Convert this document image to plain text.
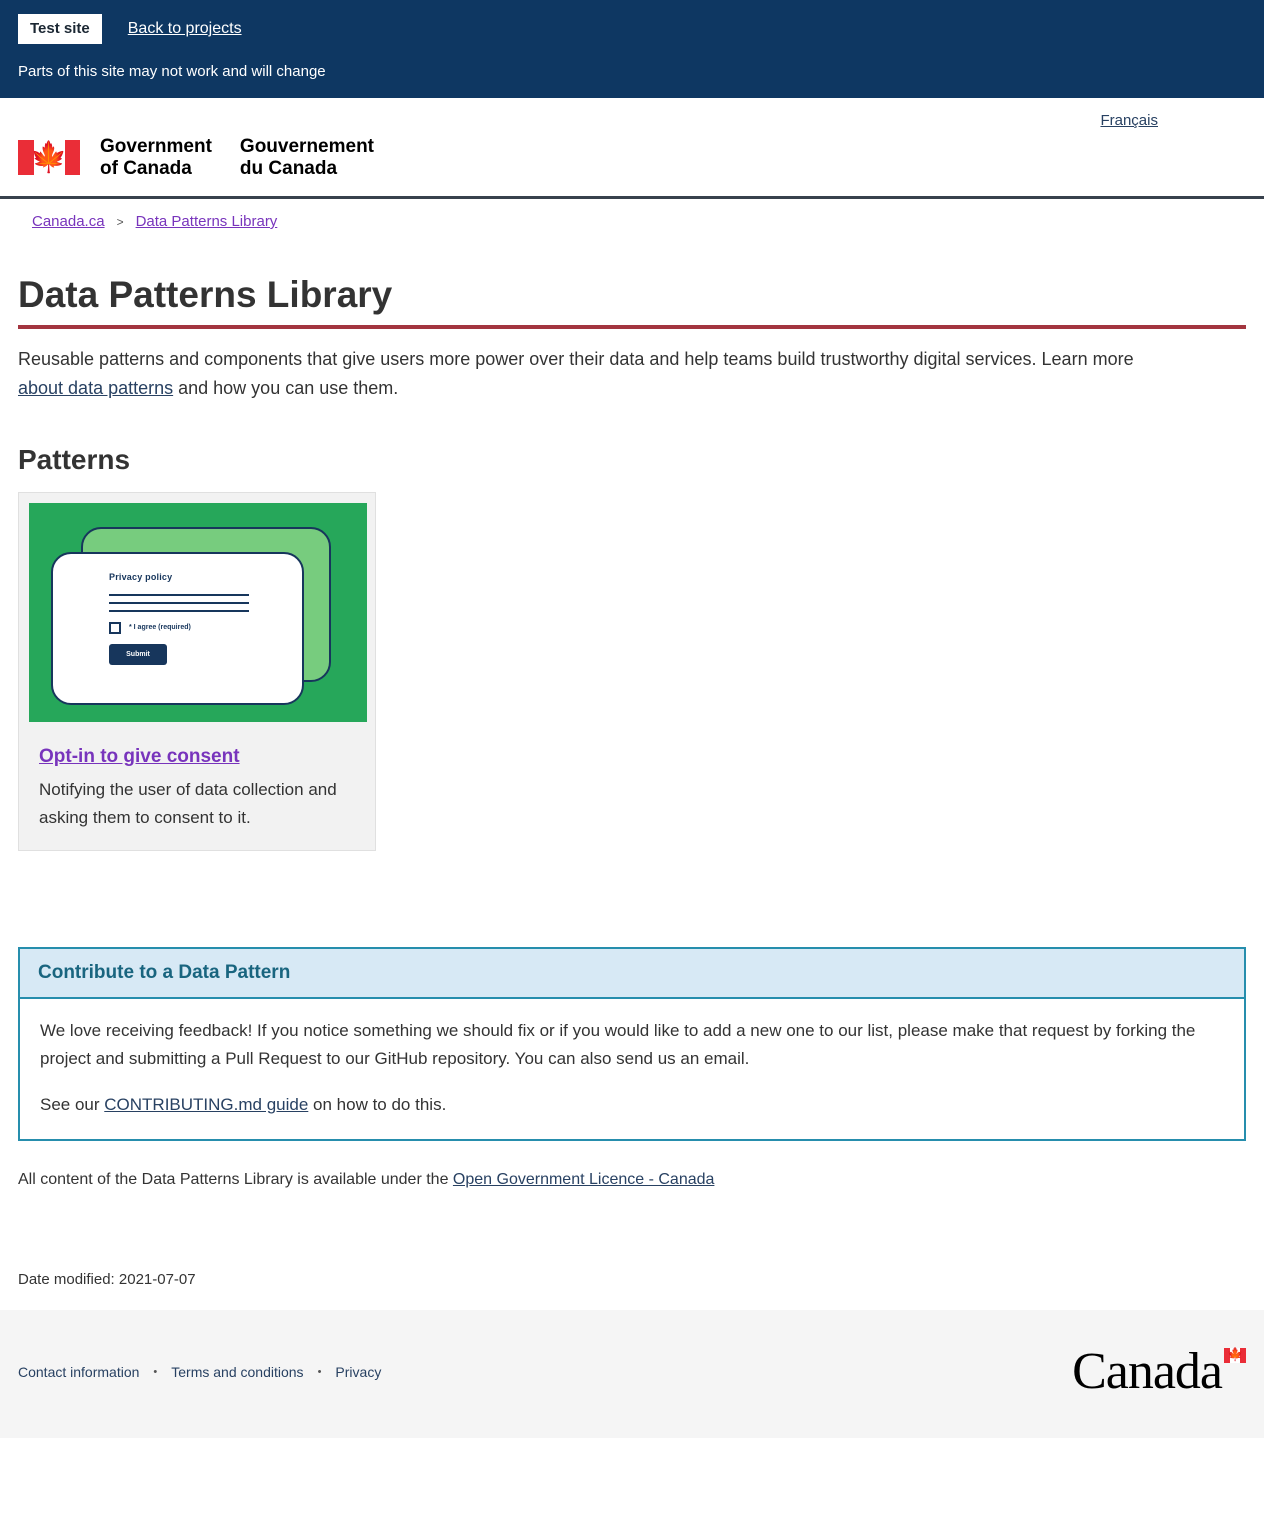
Test site	Back to projects
Parts of this site may not work and will change
Français
🍁 Government
of Canada
Gouvernement
du Canada
Canada.ca > Data Patterns Library
Data Patterns Library

Reusable patterns and components that give users more power over their data and help teams build trustworthy digital services. Learn more about data patterns and how you can use them.

Patterns
Privacy policy
* I agree (required)
Submit
Opt-in to give consent

Notifying the user of data collection and asking them to consent to it.

Contribute to a Data Pattern

We love receiving feedback! If you notice something we should fix or if you would like to add a new one to our list, please make that request by forking the project and submitting a Pull Request to our GitHub repository. You can also send us an email.

See our CONTRIBUTING.md guide on how to do this.

All content of the Data Patterns Library is available under the Open Government Licence - Canada

Date modified: 2021-07-07
Contact information • Terms and conditions • Privacy	Canada 🍁
